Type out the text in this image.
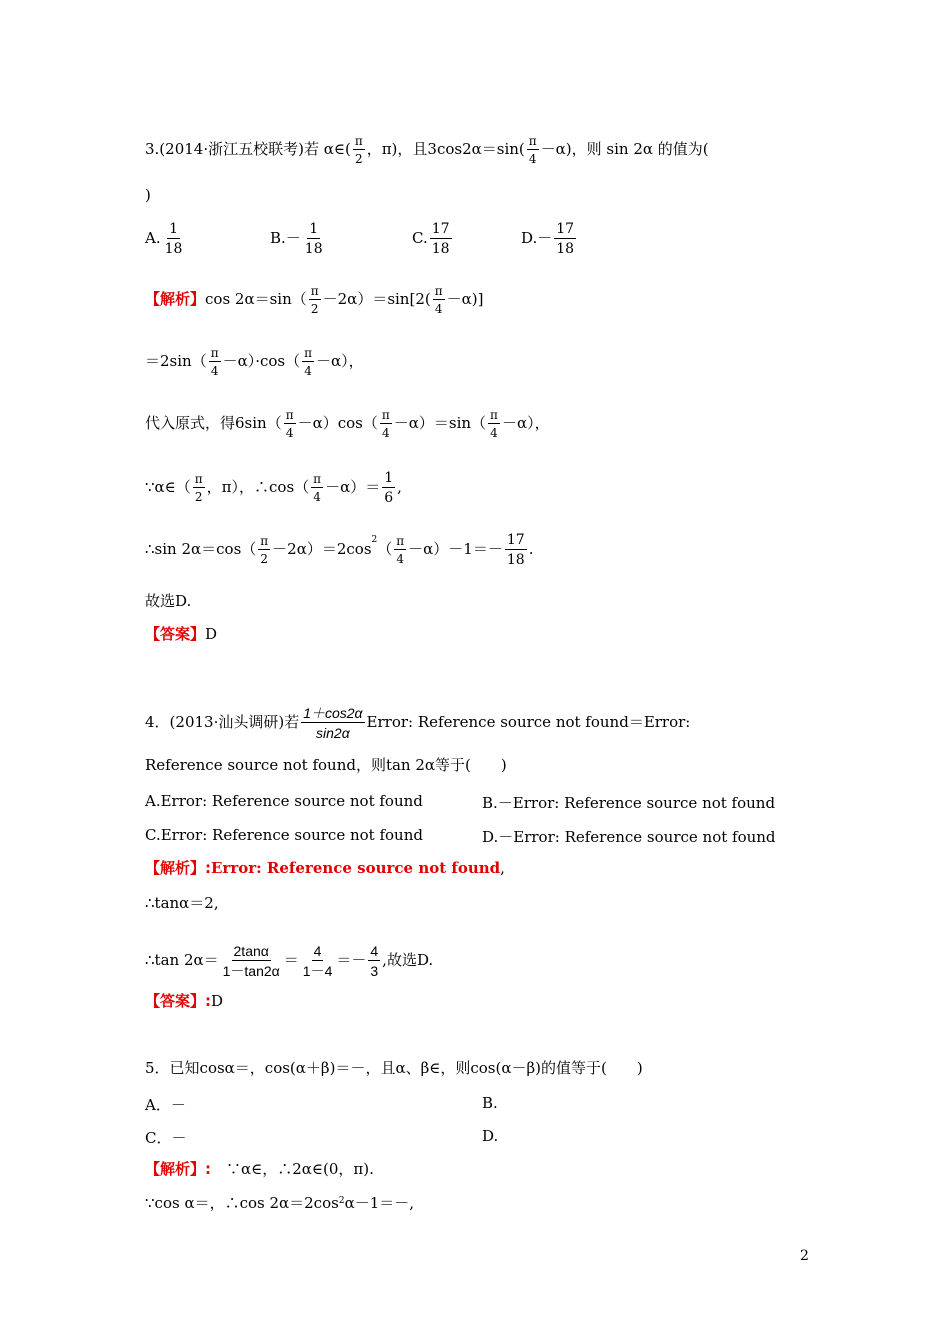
3.(2014·浙江五校联考)若 α∈( $\frac{\pi}{2}$ ，π)，且$3\cos 2\alpha=\sin( \frac{\pi}{4} -\alpha)$，则 sin 2α 的值为(
)
A. $\frac{1}{18}$	$B.- \frac{1}{18}$	C. $\frac{17}{18}$	$D.- \frac{17}{18}$
【解析】$\cos 2\alpha=\sin( \frac{\pi}{2} -2\alpha)=\sin[2( \frac{\pi}{4} -\alpha)]$
$=2\sin( \frac{\pi}{4} -\alpha)\cdot\cos( \frac{\pi}{4} -\alpha)$，
代入原式，得$6\sin( \frac{\pi}{4} -\alpha)\cos( \frac{\pi}{4} -\alpha)=\sin( \frac{\pi}{4} -\alpha)$，
∵α∈（ $\frac{\pi}{2}$ ，π），∴cos（ $\frac{\pi}{4} -\alpha)= \frac{1}{6}$ ,
∴sin $2\alpha=\cos( \frac{\pi}{2} -2\alpha)=2\cos^2( \frac{\pi}{4} -\alpha)-1=- \frac{17}{18}$ .
故选D.
【答案】D
4．(2013·汕头调研)若 $\frac{1+\cos 2\alpha}{\sin 2\alpha}$ Error: Reference source not found＝Error:
Reference source not found，则tan 2α等于(　　)
A.Error: Reference source not found	B.－Error: Reference source not found
C.Error: Reference source not found	D.－Error: Reference source not found
【解析】:Error: Reference source not found,
∴tanα＝2,
∴tan $2\alpha= \frac{2\tan\alpha}{1-\tan 2\alpha} = \frac{4}{1-4} =- \frac{4}{3}$ ,故选D.
【答案】:D
5．已知cosα＝，cos(α＋β)＝－，且α、β∈，则cos(α－β)的值等于(　　)
A．－	B.
C．－	D.
【解析】:　∵α∈，∴2α∈(0，π).
∵cos α＝，∴cos $2\alpha=2\cos^2\alpha-1=-$,
2
